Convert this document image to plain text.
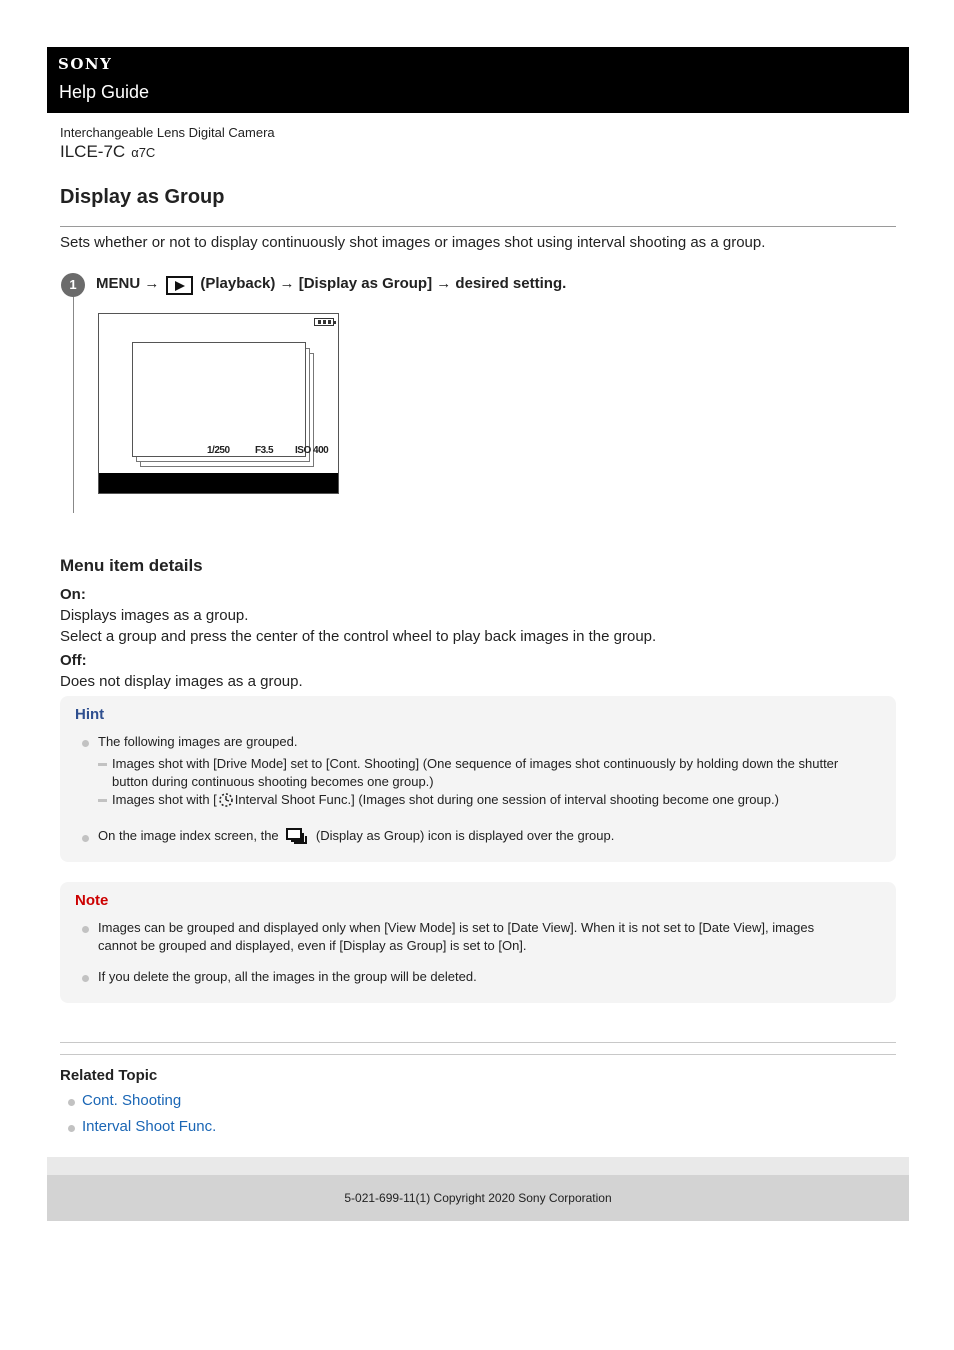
SONY
Help Guide
Interchangeable Lens Digital Camera
ILCE-7C α7C
Display as Group

Sets whether or not to display continuously shot images or images shot using interval shooting as a group.

1	MENU →	(Playback) → [Display as Group] → desired setting.
1/250	F3.5 ISO 400
Menu item details
On:
Displays images as a group.
Select a group and press the center of the control wheel to play back images in the group.
Off:
Does not display images as a group.
Hint
The following images are grouped.
Images shot with [Drive Mode] set to [Cont. Shooting] (One sequence of images shot continuously by holding down the shutter
button during continuous shooting becomes one group.)
Images shot with [ Interval Shoot Func.] (Images shot during one session of interval shooting become one group.)
On the image index screen, the	(Display as Group) icon is displayed over the group.
Note
Images can be grouped and displayed only when [View Mode] is set to [Date View]. When it is not set to [Date View], images
cannot be grouped and displayed, even if [Display as Group] is set to [On].
If you delete the group, all the images in the group will be deleted.
Related Topic
Cont. Shooting
Interval Shoot Func.
5-021-699-11(1) Copyright 2020 Sony Corporation
